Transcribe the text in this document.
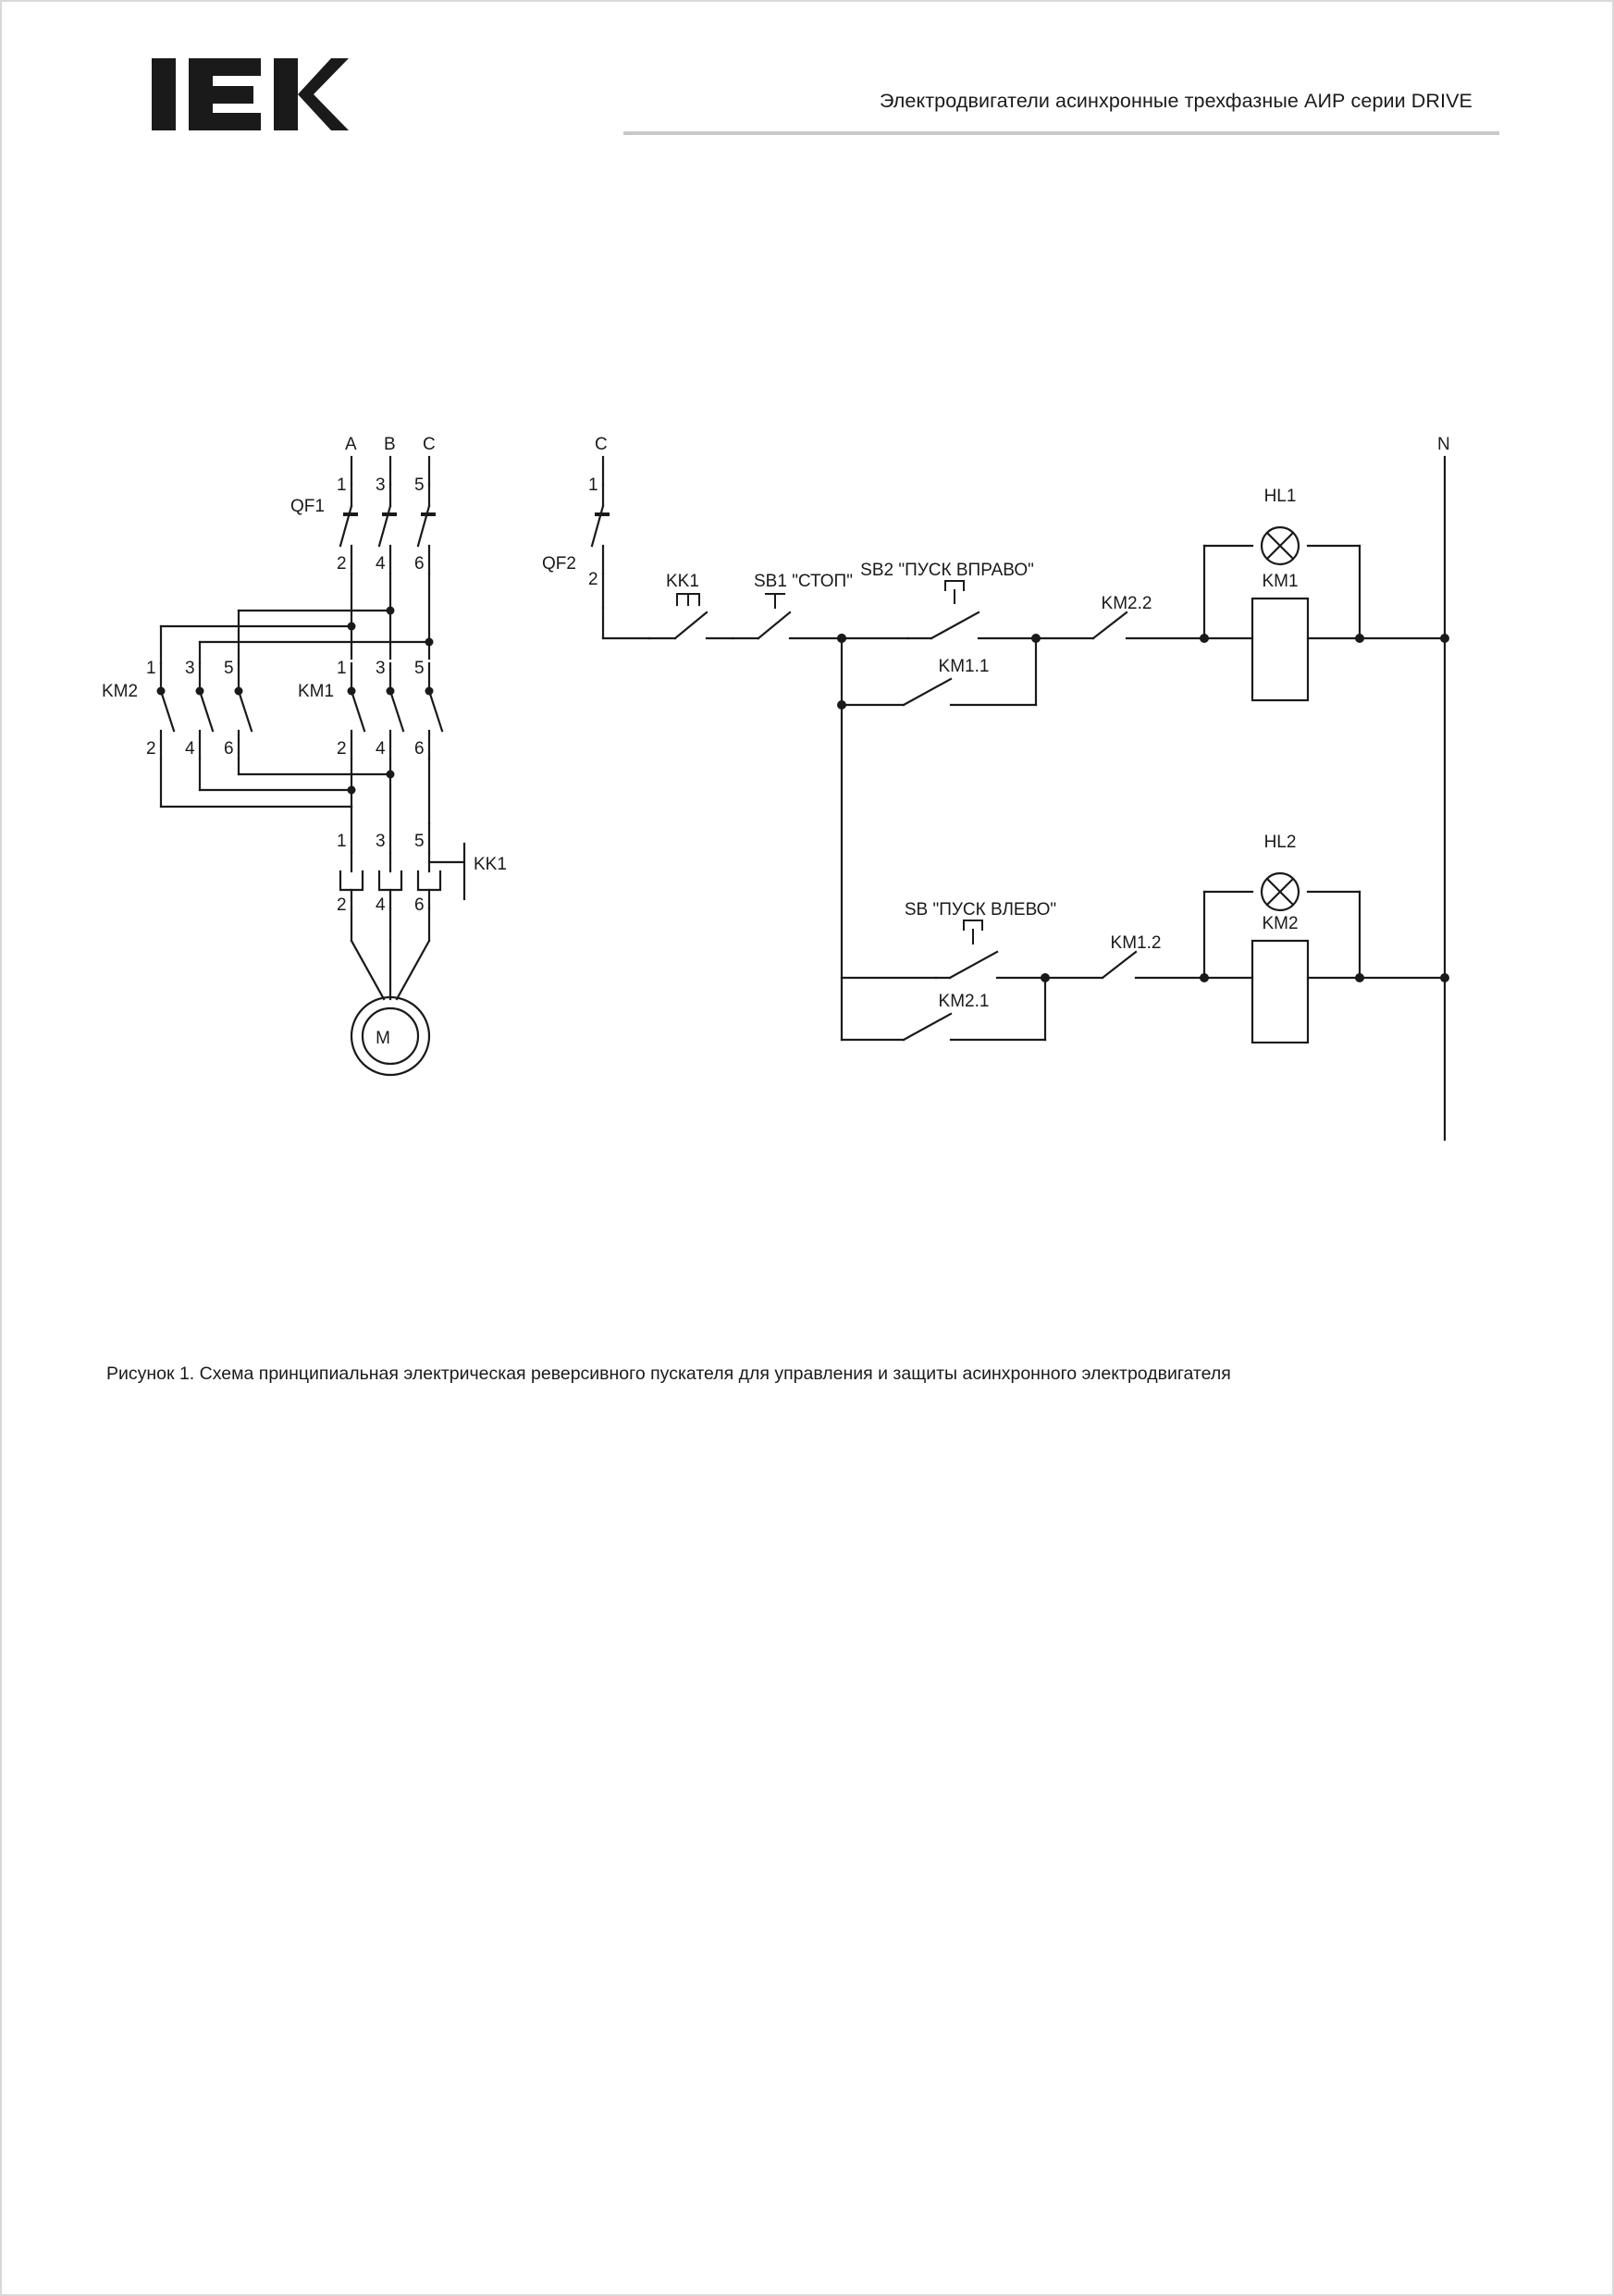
Электродвигатели асинхронные трехфазные АИР серии DRIVE
A B C	N
QF1
1 3 5
2 4 6
KM2
1 3 5
2 4 6
KM1
1 3 5
2 4 6
KK1
1 3 5
2 4 6
M
C
QF2
1
2	KK1	SB1 "СТОП"
SB2 "ПУСК ВПРАВО"
KM1.1
KM2.2
HL1
KM1
SB "ПУСК ВЛЕВО"
KM2.1
KM1.2
HL2
KM2
Рисунок 1. Схема принципиальная электрическая реверсивного пускателя для управления и защиты асинхронного электродвигателя
